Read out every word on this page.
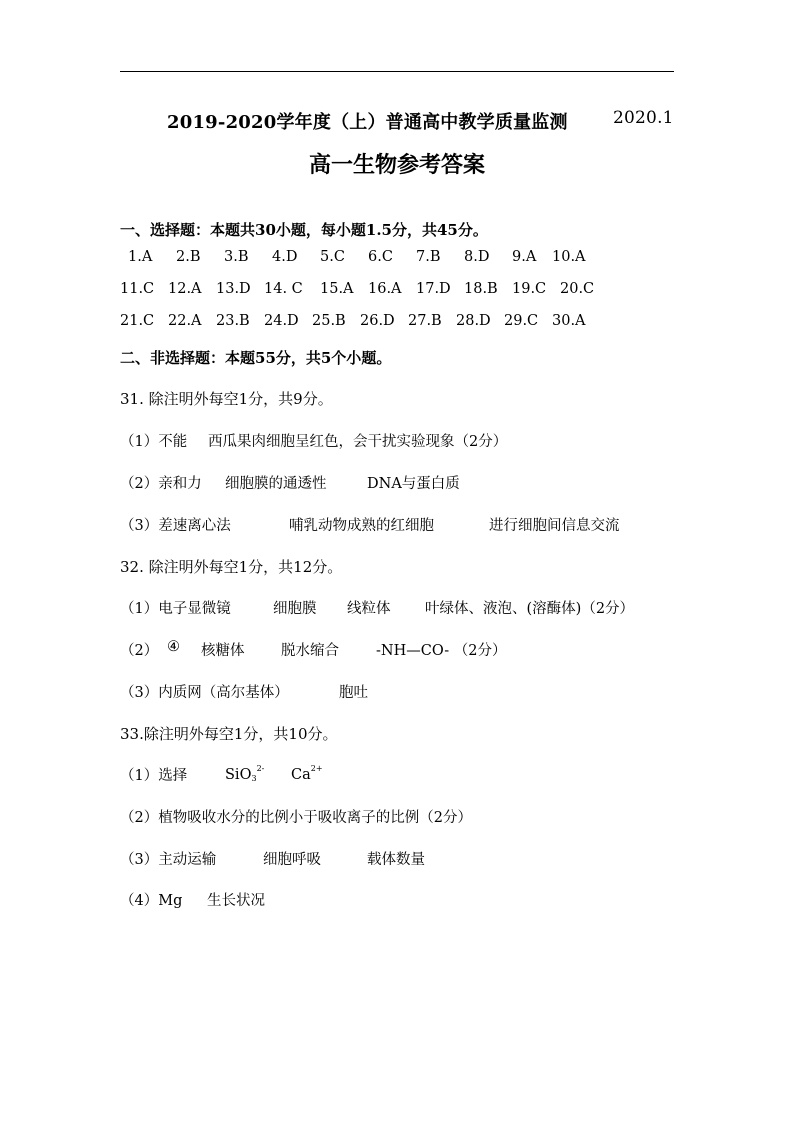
2019-2020学年度（上）普通高中教学质量监测	2020.1
高一生物参考答案
一、选择题：本题共30小题，每小题1.5分，共45分。
1.A 2.B 3.B 4.D 5.C 6.C 7.B 8.D 9.A 10.A
11.C 12.A 13.D 14. C 15.A 16.A 17.D 18.B 19.C 20.C
21.C 22.A 23.B 24.D 25.B 26.D 27.B 28.D 29.C 30.A
二、非选择题：本题55分，共5个小题。
31. 除注明外每空1分，共9分。
（1）不能 西瓜果肉细胞呈红色，会干扰实验现象（2分）
（2）亲和力 细胞膜的通透性	DNA与蛋白质
（3）差速离心法	哺乳动物成熟的红细胞	进行细胞间信息交流
32. 除注明外每空1分，共12分。
（1）电子显微镜	细胞膜 线粒体 叶绿体、液泡、(溶酶体)（2分）
（2） ④ 核糖体	脱水缩合	-NH—CO- （2分）
（3）内质网（高尔基体）	胞吐
33.除注明外每空1分，共10分。
（1）选择	SiO$_3^{2-}$ $Ca^{2+}$
（2）植物吸收水分的比例小于吸收离子的比例（2分）
（3）主动运输	细胞呼吸	载体数量
（4）Mg 生长状况
